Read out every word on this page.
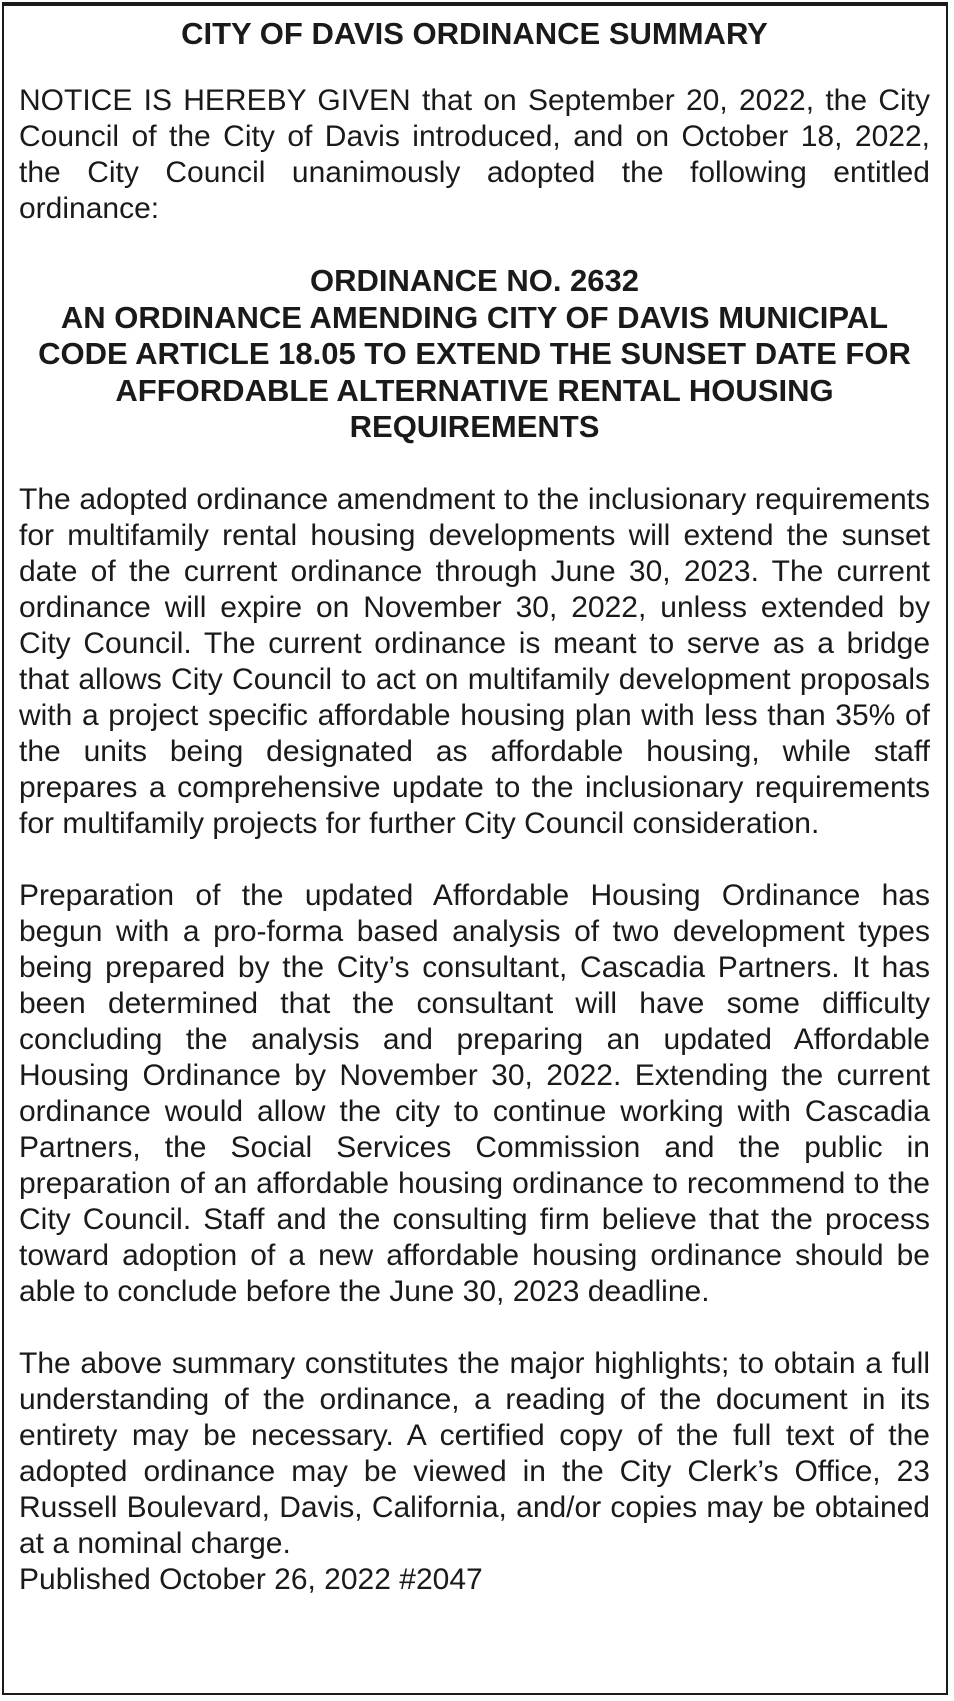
CITY OF DAVIS ORDINANCE SUMMARY

NOTICE IS HEREBY GIVEN that on September 20, 2022, the City Council of the City of Davis introduced, and on October 18, 2022, the City Council unanimously adopted the following entitled ordinance:

ORDINANCE NO. 2632
AN ORDINANCE AMENDING CITY OF DAVIS MUNICIPAL CODE ARTICLE 18.05 TO EXTEND THE SUNSET DATE FOR AFFORDABLE ALTERNATIVE RENTAL HOUSING REQUIREMENTS

The adopted ordinance amendment to the inclusionary requirements for multifamily rental housing developments will extend the sunset date of the current ordinance through June 30, 2023. The current ordinance will expire on November 30, 2022, unless extended by City Council. The current ordinance is meant to serve as a bridge that allows City Council to act on multifamily development proposals with a project specific affordable housing plan with less than 35% of the units being designated as affordable housing, while staff prepares a comprehensive update to the inclusionary requirements for multifamily projects for further City Council consideration.

Preparation of the updated Affordable Housing Ordinance has begun with a pro-forma based analysis of two development types being prepared by the City’s consultant, Cascadia Partners. It has been determined that the consultant will have some difficulty concluding the analysis and preparing an updated Affordable Housing Ordinance by November 30, 2022. Extending the current ordinance would allow the city to continue working with Cascadia Partners, the Social Services Commission and the public in preparation of an affordable housing ordinance to recommend to the City Council. Staff and the consulting firm believe that the process toward adoption of a new affordable housing ordinance should be able to conclude before the June 30, 2023 deadline.

The above summary constitutes the major highlights; to obtain a full understanding of the ordinance, a reading of the document in its entirety may be necessary. A certified copy of the full text of the adopted ordinance may be viewed in the City Clerk’s Office, 23 Russell Boulevard, Davis, California, and/or copies may be obtained at a nominal charge.

Published October 26, 2022 #2047
